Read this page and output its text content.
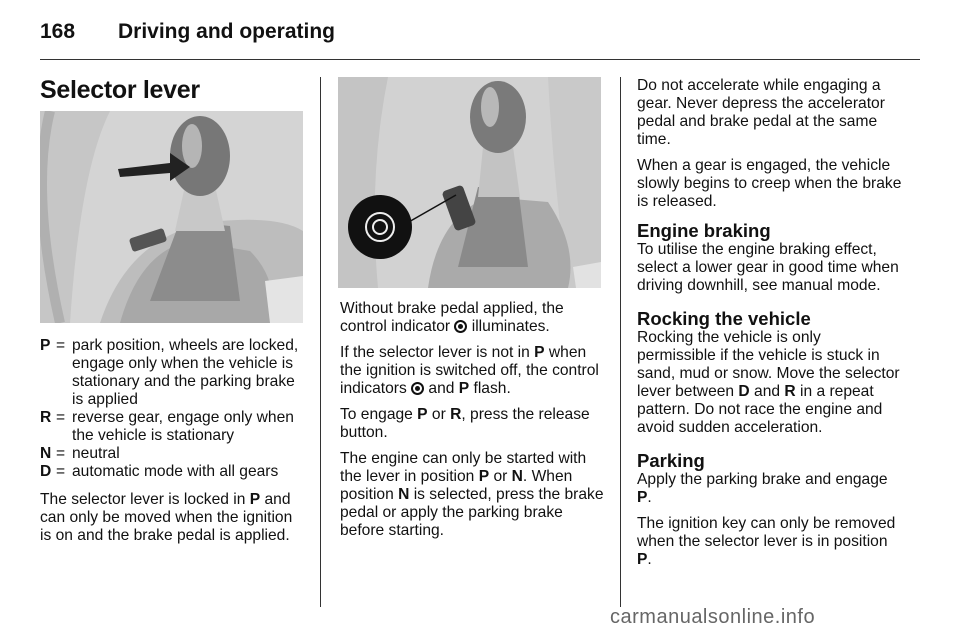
168 Driving and operating
Selector lever
P = park position, wheels are locked, engage only when the vehicle is stationary and the parking brake is applied
R = reverse gear, engage only when the vehicle is stationary
N = neutral
D = automatic mode with all gears

The selector lever is locked in P and can only be moved when the ignition is on and the brake pedal is applied.

Without brake pedal applied, the control indicator  illuminates.

If the selector lever is not in P when the ignition is switched off, the control indicators  and P flash.

To engage P or R, press the release button.

The engine can only be started with the lever in position P or N. When position N is selected, press the brake pedal or apply the parking brake before starting.

Do not accelerate while engaging a gear. Never depress the accelerator pedal and brake pedal at the same time.

When a gear is engaged, the vehicle slowly begins to creep when the brake is released.

Engine braking

To utilise the engine braking effect, select a lower gear in good time when driving downhill, see manual mode.

Rocking the vehicle

Rocking the vehicle is only permissible if the vehicle is stuck in sand, mud or snow. Move the selector lever between D and R in a repeat pattern. Do not race the engine and avoid sudden acceleration.

Parking

Apply the parking brake and engage P.

The ignition key can only be removed when the selector lever is in position P.

carmanualsonline.info
